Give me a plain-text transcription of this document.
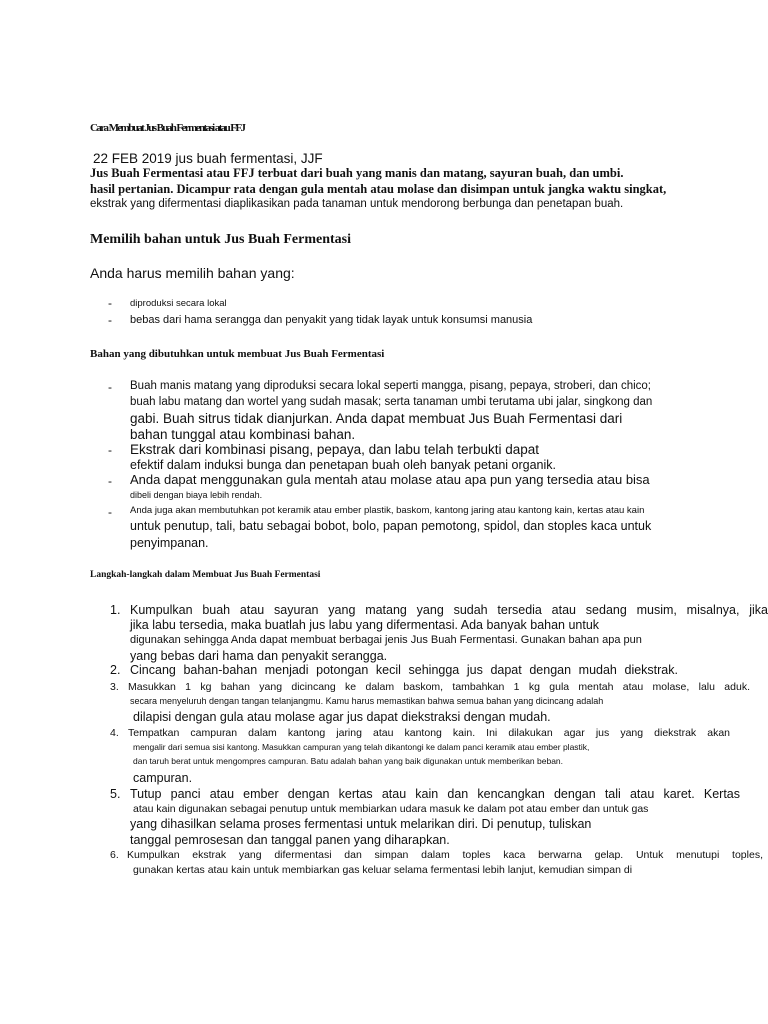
Cara Membuat Jus Buah Fermentasi atau FFJ
22 FEB 2019 jus buah fermentasi, JJF
Jus Buah Fermentasi atau FFJ terbuat dari buah yang manis dan matang, sayuran buah, dan umbi.
hasil pertanian. Dicampur rata dengan gula mentah atau molase dan disimpan untuk jangka waktu singkat,
ekstrak yang difermentasi diaplikasikan pada tanaman untuk mendorong berbunga dan penetapan buah.
Memilih bahan untuk Jus Buah Fermentasi
Anda harus memilih bahan yang:
- diproduksi secara lokal
- bebas dari hama serangga dan penyakit yang tidak layak untuk konsumsi manusia
Bahan yang dibutuhkan untuk membuat Jus Buah Fermentasi
- Buah manis matang yang diproduksi secara lokal seperti mangga, pisang, pepaya, stroberi, dan chico;
buah labu matang dan wortel yang sudah masak; serta tanaman umbi terutama ubi jalar, singkong dan
gabi. Buah sitrus tidak dianjurkan. Anda dapat membuat Jus Buah Fermentasi dari
bahan tunggal atau kombinasi bahan.
- Ekstrak dari kombinasi pisang, pepaya, dan labu telah terbukti dapat
efektif dalam induksi bunga dan penetapan buah oleh banyak petani organik.
- Anda dapat menggunakan gula mentah atau molase atau apa pun yang tersedia atau bisa
dibeli dengan biaya lebih rendah.
- Anda juga akan membutuhkan pot keramik atau ember plastik, baskom, kantong jaring atau kantong kain, kertas atau kain
untuk penutup, tali, batu sebagai bobot, bolo, papan pemotong, spidol, dan stoples kaca untuk
penyimpanan.
Langkah-langkah dalam Membuat Jus Buah Fermentasi
1. Kumpulkan buah atau sayuran yang matang yang sudah tersedia atau sedang musim, misalnya, jika
jika labu tersedia, maka buatlah jus labu yang difermentasi. Ada banyak bahan untuk
digunakan sehingga Anda dapat membuat berbagai jenis Jus Buah Fermentasi. Gunakan bahan apa pun
yang bebas dari hama dan penyakit serangga.
2. Cincang bahan-bahan menjadi potongan kecil sehingga jus dapat dengan mudah diekstrak.
3. Masukkan 1 kg bahan yang dicincang ke dalam baskom, tambahkan 1 kg gula mentah atau molase, lalu aduk.
secara menyeluruh dengan tangan telanjangmu. Kamu harus memastikan bahwa semua bahan yang dicincang adalah
dilapisi dengan gula atau molase agar jus dapat diekstraksi dengan mudah.
4. Tempatkan campuran dalam kantong jaring atau kantong kain. Ini dilakukan agar jus yang diekstrak akan
mengalir dari semua sisi kantong. Masukkan campuran yang telah dikantongi ke dalam panci keramik atau ember plastik,
dan taruh berat untuk mengompres campuran. Batu adalah bahan yang baik digunakan untuk memberikan beban.
campuran.
5. Tutup panci atau ember dengan kertas atau kain dan kencangkan dengan tali atau karet. Kertas
atau kain digunakan sebagai penutup untuk membiarkan udara masuk ke dalam pot atau ember dan untuk gas
yang dihasilkan selama proses fermentasi untuk melarikan diri. Di penutup, tuliskan
tanggal pemrosesan dan tanggal panen yang diharapkan.
6. Kumpulkan ekstrak yang difermentasi dan simpan dalam toples kaca berwarna gelap. Untuk menutupi toples,
gunakan kertas atau kain untuk membiarkan gas keluar selama fermentasi lebih lanjut, kemudian simpan di
